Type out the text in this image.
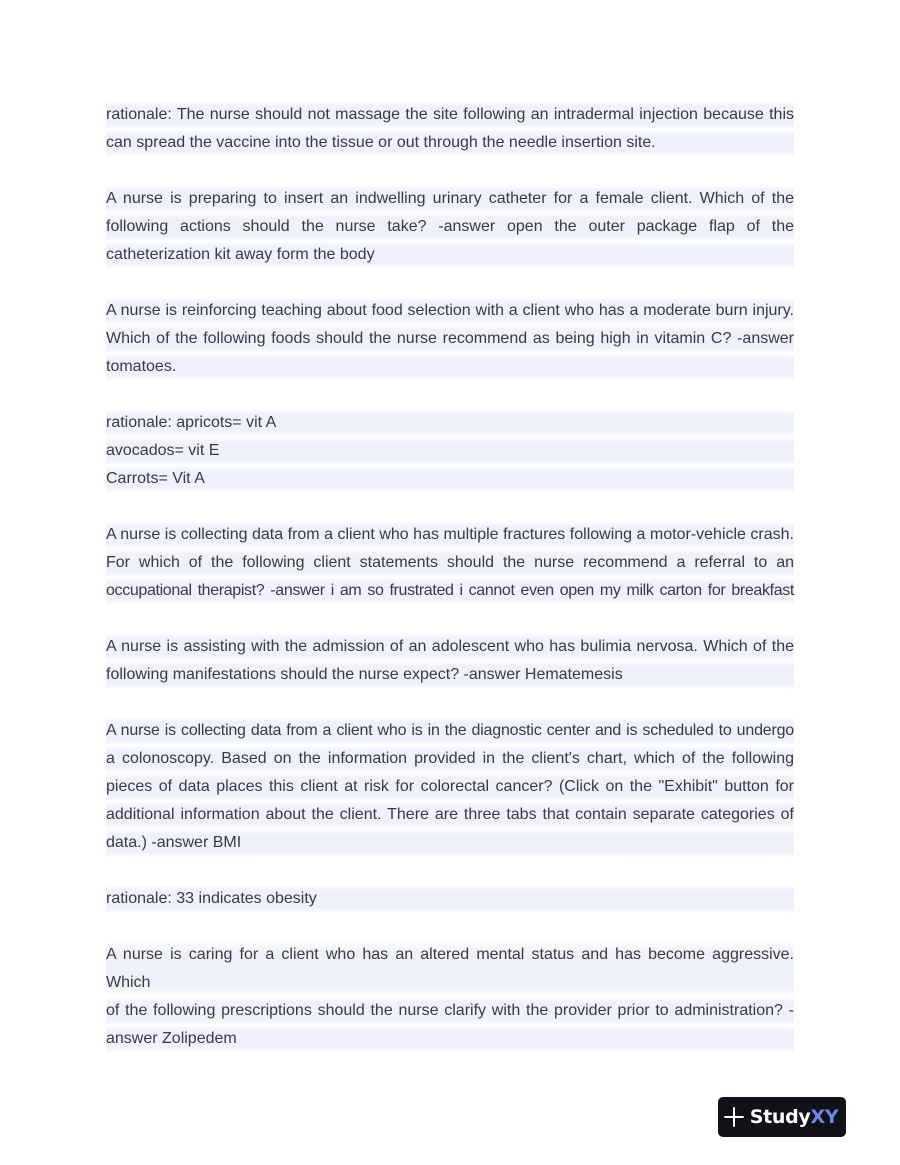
rationale: The nurse should not massage the site following an intradermal injection because this
can spread the vaccine into the tissue or out through the needle insertion site.
A nurse is preparing to insert an indwelling urinary catheter for a female client. Which of the
following actions should the nurse take? -answer open the outer package flap of the
catheterization kit away form the body
A nurse is reinforcing teaching about food selection with a client who has a moderate burn injury.
Which of the following foods should the nurse recommend as being high in vitamin C? -answer
tomatoes.
rationale: apricots= vit A
avocados= vit E
Carrots= Vit A
A nurse is collecting data from a client who has multiple fractures following a motor-vehicle crash.
For which of the following client statements should the nurse recommend a referral to an
occupational therapist? -answer i am so frustrated i cannot even open my milk carton for breakfast
A nurse is assisting with the admission of an adolescent who has bulimia nervosa. Which of the
following manifestations should the nurse expect? -answer Hematemesis
A nurse is collecting data from a client who is in the diagnostic center and is scheduled to undergo
a colonoscopy. Based on the information provided in the client's chart, which of the following
pieces of data places this client at risk for colorectal cancer? (Click on the "Exhibit" button for
additional information about the client. There are three tabs that contain separate categories of
data.) -answer BMI
rationale: 33 indicates obesity
A nurse is caring for a client who has an altered mental status and has become aggressive. Which
of the following prescriptions should the nurse clarify with the provider prior to administration? -
answer Zolipedem
StudyXY
